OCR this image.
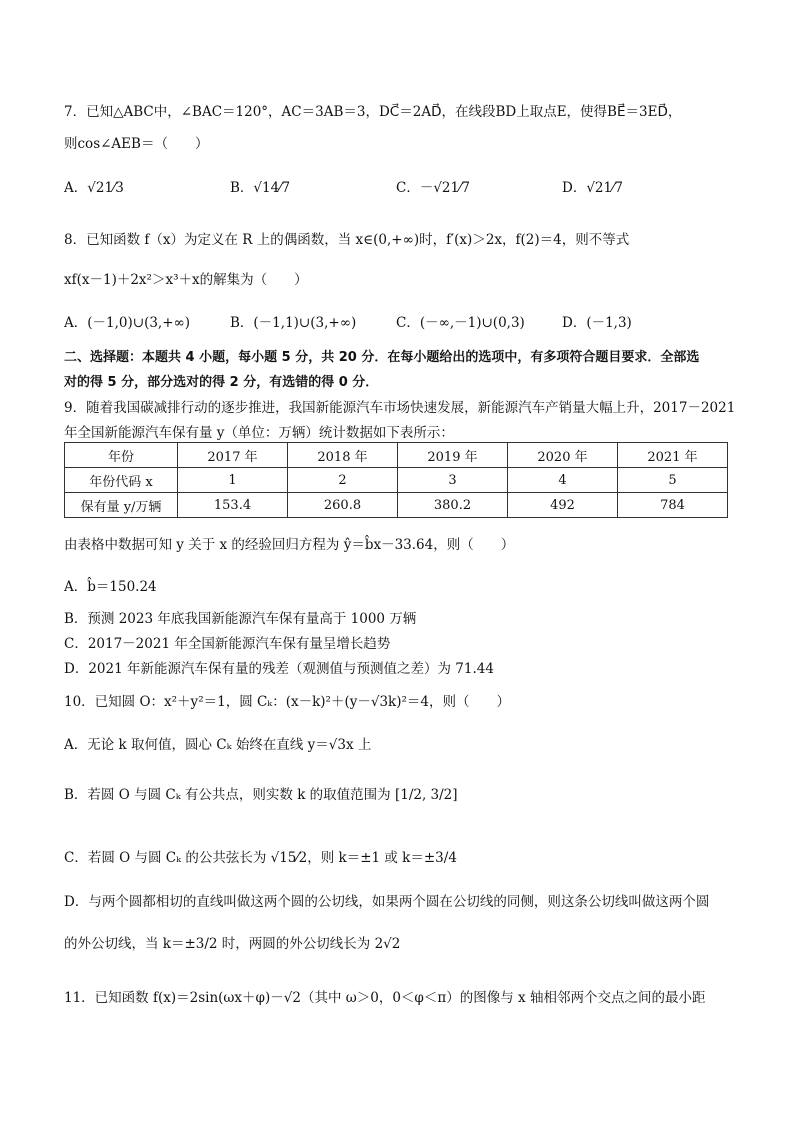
7．已知△ABC中，∠BAC＝120°，AC＝3AB＝3，DC⃗＝2AD⃗，在线段BD上取点E，使得BE⃗＝3ED⃗，
则cos∠AEB＝（　　）
A．√21⁄3	B．√14⁄7	C．－√21⁄7	D．√21⁄7
8．已知函数 f（x）为定义在 R 上的偶函数，当 x∈(0,+∞)时，f′(x)＞2x，f(2)＝4，则不等式
xf(x－1)＋2x²＞x³＋x的解集为（　　）
A．(－1,0)∪(3,+∞)	B．(－1,1)∪(3,+∞)	C．(－∞,－1)∪(0,3)	D．(－1,3)
二、选择题：本题共 4 小题，每小题 5 分，共 20 分．在每小题给出的选项中，有多项符合题目要求．全部选
对的得 5 分，部分选对的得 2 分，有选错的得 0 分．
9．随着我国碳减排行动的逐步推进，我国新能源汽车市场快速发展，新能源汽车产销量大幅上升，2017－2021
年全国新能源汽车保有量 y（单位：万辆）统计数据如下表所示：
年份	2017 年	2018 年	2019 年	2020 年	2021 年
年份代码 x	1	2	3	4	5
保有量 y/万辆	153.4	260.8	380.2	492	784
由表格中数据可知 y 关于 x 的经验回归方程为 ŷ＝b̂x－33.64，则（　　）
A．b̂＝150.24
B．预测 2023 年底我国新能源汽车保有量高于 1000 万辆
C．2017－2021 年全国新能源汽车保有量呈增长趋势
D．2021 年新能源汽车保有量的残差（观测值与预测值之差）为 71.44
10．已知圆 O：x²＋y²＝1，圆 Cₖ：(x－k)²＋(y－√3k)²＝4，则（　　）
A．无论 k 取何值，圆心 Cₖ 始终在直线 y＝√3x 上
B．若圆 O 与圆 Cₖ 有公共点，则实数 k 的取值范围为 [1/2, 3/2]
C．若圆 O 与圆 Cₖ 的公共弦长为 √15⁄2，则 k＝±1 或 k＝±3/4
D．与两个圆都相切的直线叫做这两个圆的公切线，如果两个圆在公切线的同侧，则这条公切线叫做这两个圆
的外公切线，当 k＝±3/2 时，两圆的外公切线长为 2√2
11．已知函数 f(x)＝2sin(ωx＋φ)－√2（其中 ω＞0，0＜φ＜π）的图像与 x 轴相邻两个交点之间的最小距
